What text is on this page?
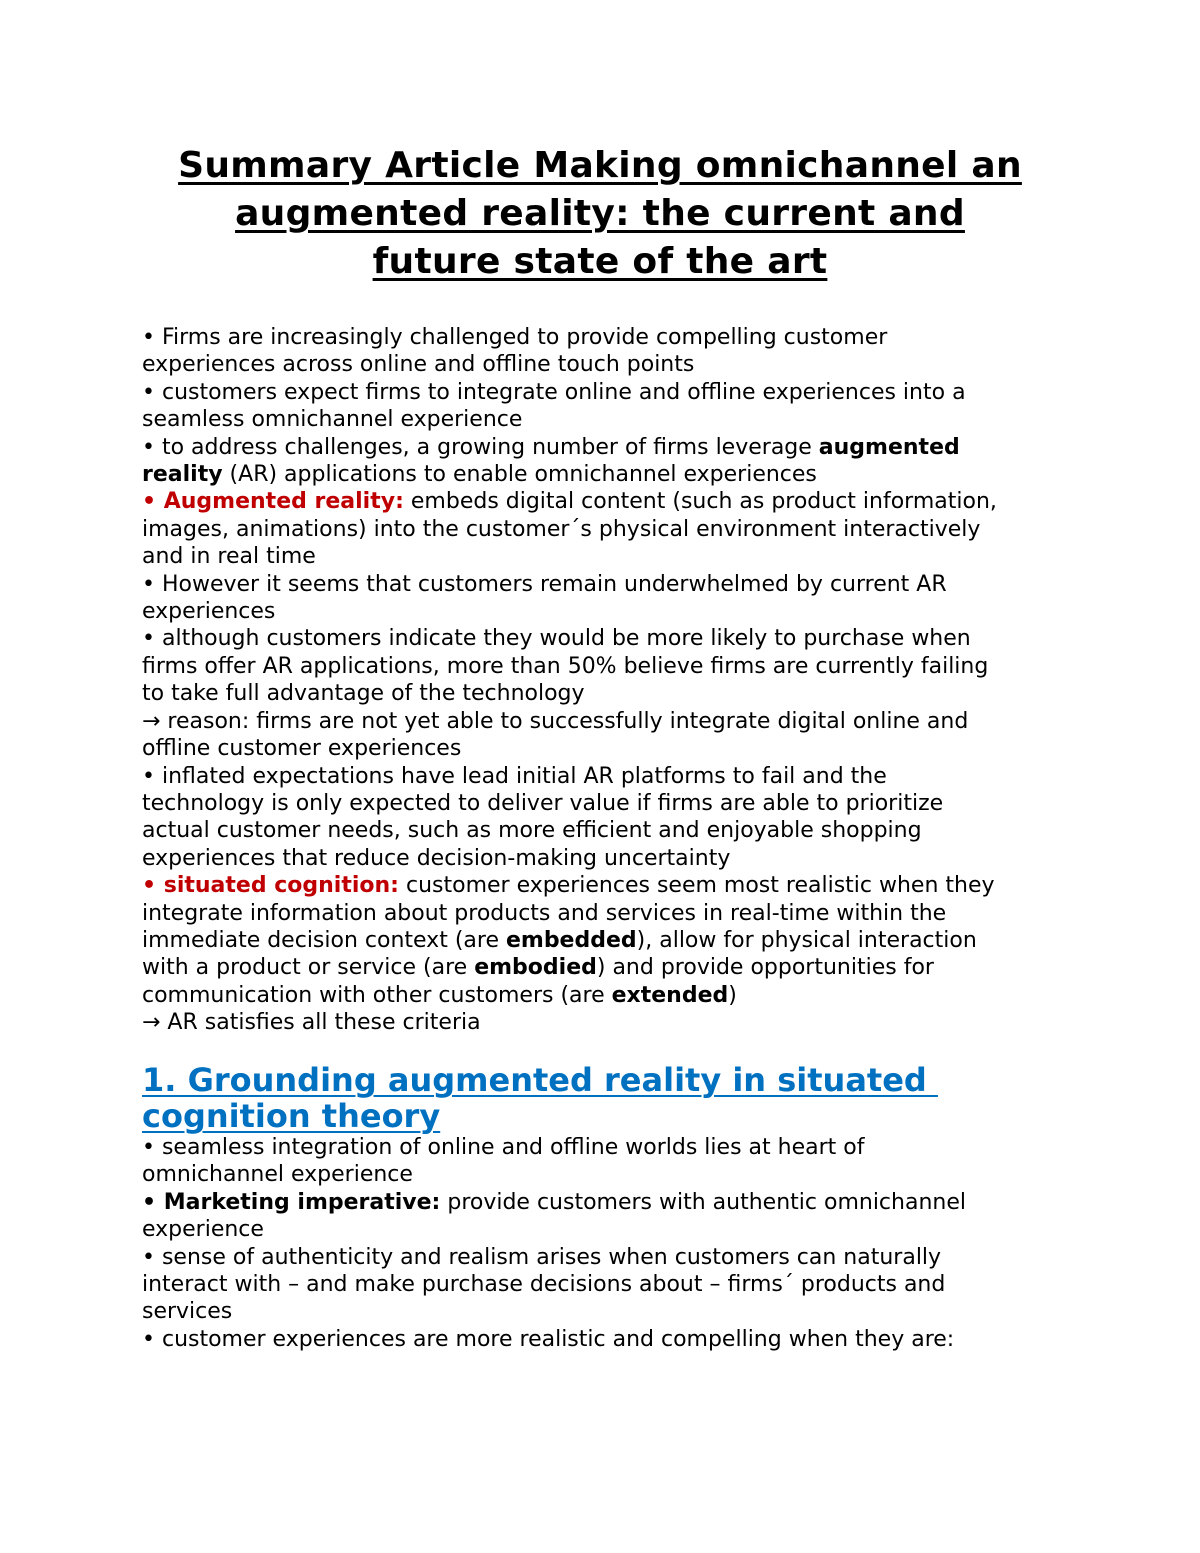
Summary Article Making omnichannel an
augmented reality: the current and
future state of the art
• Firms are increasingly challenged to provide compelling customer
experiences across online and offline touch points
• customers expect firms to integrate online and offline experiences into a
seamless omnichannel experience
• to address challenges, a growing number of firms leverage augmented
reality (AR) applications to enable omnichannel experiences
• Augmented reality: embeds digital content (such as product information,
images, animations) into the customer´s physical environment interactively
and in real time
• However it seems that customers remain underwhelmed by current AR
experiences
• although customers indicate they would be more likely to purchase when
firms offer AR applications, more than 50% believe firms are currently failing
to take full advantage of the technology
→ reason: firms are not yet able to successfully integrate digital online and
offline customer experiences
• inflated expectations have lead initial AR platforms to fail and the
technology is only expected to deliver value if firms are able to prioritize
actual customer needs, such as more efficient and enjoyable shopping
experiences that reduce decision-making uncertainty
• situated cognition: customer experiences seem most realistic when they
integrate information about products and services in real-time within the
immediate decision context (are embedded), allow for physical interaction
with a product or service (are embodied) and provide opportunities for
communication with other customers (are extended)
→ AR satisfies all these criteria
1. Grounding augmented reality in situated
cognition theory
• seamless integration of online and offline worlds lies at heart of
omnichannel experience
• Marketing imperative: provide customers with authentic omnichannel
experience
• sense of authenticity and realism arises when customers can naturally
interact with – and make purchase decisions about – firms´ products and
services
• customer experiences are more realistic and compelling when they are:
